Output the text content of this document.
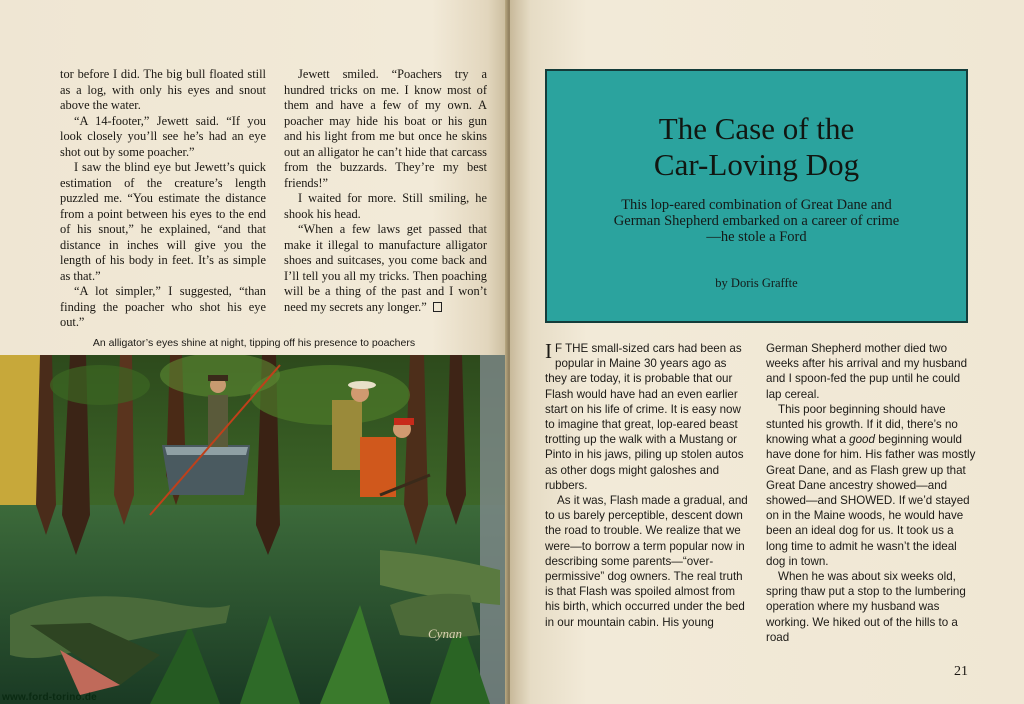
tor before I did. The big bull floated still as a log, with only his eyes and snout above the water.

“A 14-footer,” Jewett said. “If you look closely you’ll see he’s had an eye shot out by some poacher.”

I saw the blind eye but Jewett’s quick estimation of the creature’s length puzzled me. “You estimate the distance from a point between his eyes to the end of his snout,” he explained, “and that distance in inches will give you the length of his body in feet. It’s as simple as that.”

“A lot simpler,” I suggested, “than finding the poacher who shot his eye out.”

Jewett smiled. “Poachers try a hundred tricks on me. I know most of them and have a few of my own. A poacher may hide his boat or his gun and his light from me but once he skins out an alligator he can’t hide that carcass from the buzzards. They’re my best friends!”

I waited for more. Still smiling, he shook his head.

“When a few laws get passed that make it illegal to manufacture alligator shoes and suitcases, you come back and I’ll tell you all my tricks. Then poaching will be a thing of the past and I won’t need my secrets any longer.”

An alligator’s eyes shine at night, tipping off his presence to poachers
Cynan
www.ford-torino.de
The Case of the
Car-Loving Dog
This lop-eared combination of Great Dane and German Shepherd embarked on a career of crime —he stole a Ford
by Doris Graffte

I F THE small-sized cars had been as popular in Maine 30 years ago as they are today, it is probable that our Flash would have had an even earlier start on his life of crime. It is easy now to imagine that great, lop-eared beast trotting up the walk with a Mustang or Pinto in his jaws, piling up stolen autos as other dogs might galoshes and rubbers.

As it was, Flash made a gradual, and to us barely perceptible, descent down the road to trouble. We realize that we were—to borrow a term popular now in describing some parents—“over-permissive” dog owners. The real truth is that Flash was spoiled almost from his birth, which occurred under the bed in our mountain cabin. His young

German Shepherd mother died two weeks after his arrival and my husband and I spoon-fed the pup until he could lap cereal.

This poor beginning should have stunted his growth. If it did, there’s no knowing what a good beginning would have done for him. His father was mostly Great Dane, and as Flash grew up that Great Dane ancestry showed—and showed—and SHOWED. If we’d stayed on in the Maine woods, he would have been an ideal dog for us. It took us a long time to admit he wasn’t the ideal dog in town.

When he was about six weeks old, spring thaw put a stop to the lumbering operation where my husband was working. We hiked out of the hills to a road

21
